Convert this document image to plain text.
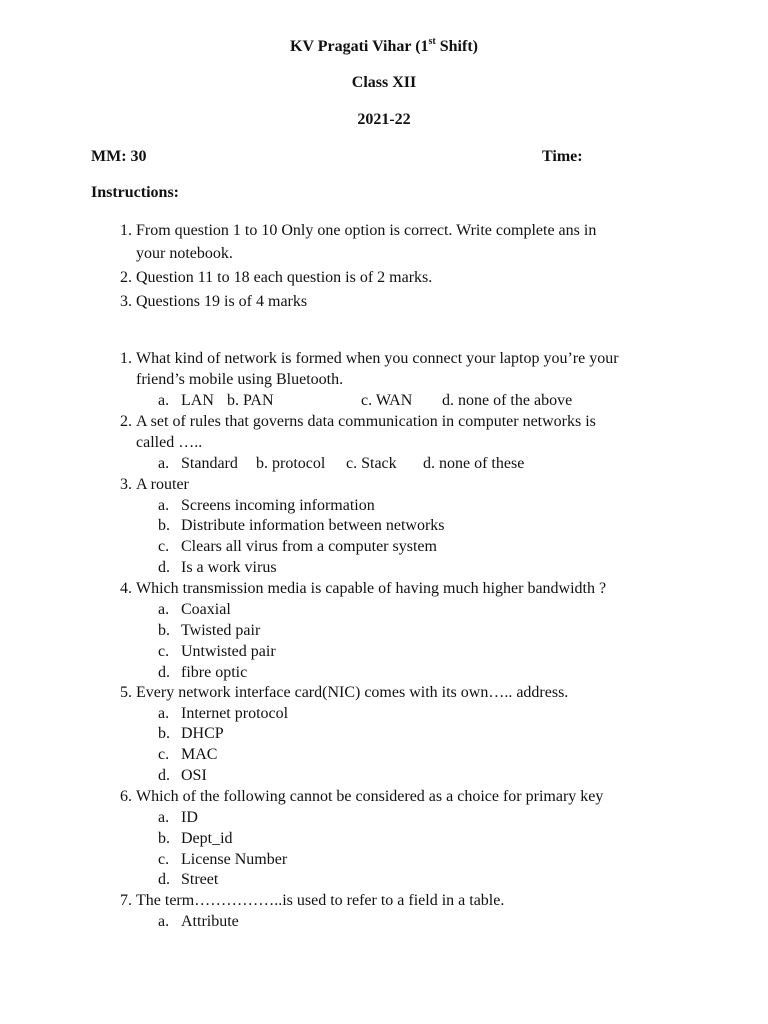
KV Pragati Vihar (1st Shift)
Class XII
2021-22
MM: 30	Time:
Instructions:
1. From question 1 to 10 Only one option is correct. Write complete ans in
your notebook.
2. Question 11 to 18 each question is of 2 marks.
3. Questions 19 is of 4 marks
1. What kind of network is formed when you connect your laptop you’re your
friend’s mobile using Bluetooth.
a. LAN b. PAN	c. WAN d. none of the above
2. A set of rules that governs data communication in computer networks is
called …..
a. Standard b. protocol c. Stack d. none of these
3. A router
a. Screens incoming information
b. Distribute information between networks
c. Clears all virus from a computer system
d. Is a work virus
4. Which transmission media is capable of having much higher bandwidth ?
a. Coaxial
b. Twisted pair
c. Untwisted pair
d. fibre optic
5. Every network interface card(NIC) comes with its own….. address.
a. Internet protocol
b. DHCP
c. MAC
d. OSI
6. Which of the following cannot be considered as a choice for primary key
a. ID
b. Dept_id
c. License Number
d. Street
7. The term……………..is used to refer to a field in a table.
a. Attribute
